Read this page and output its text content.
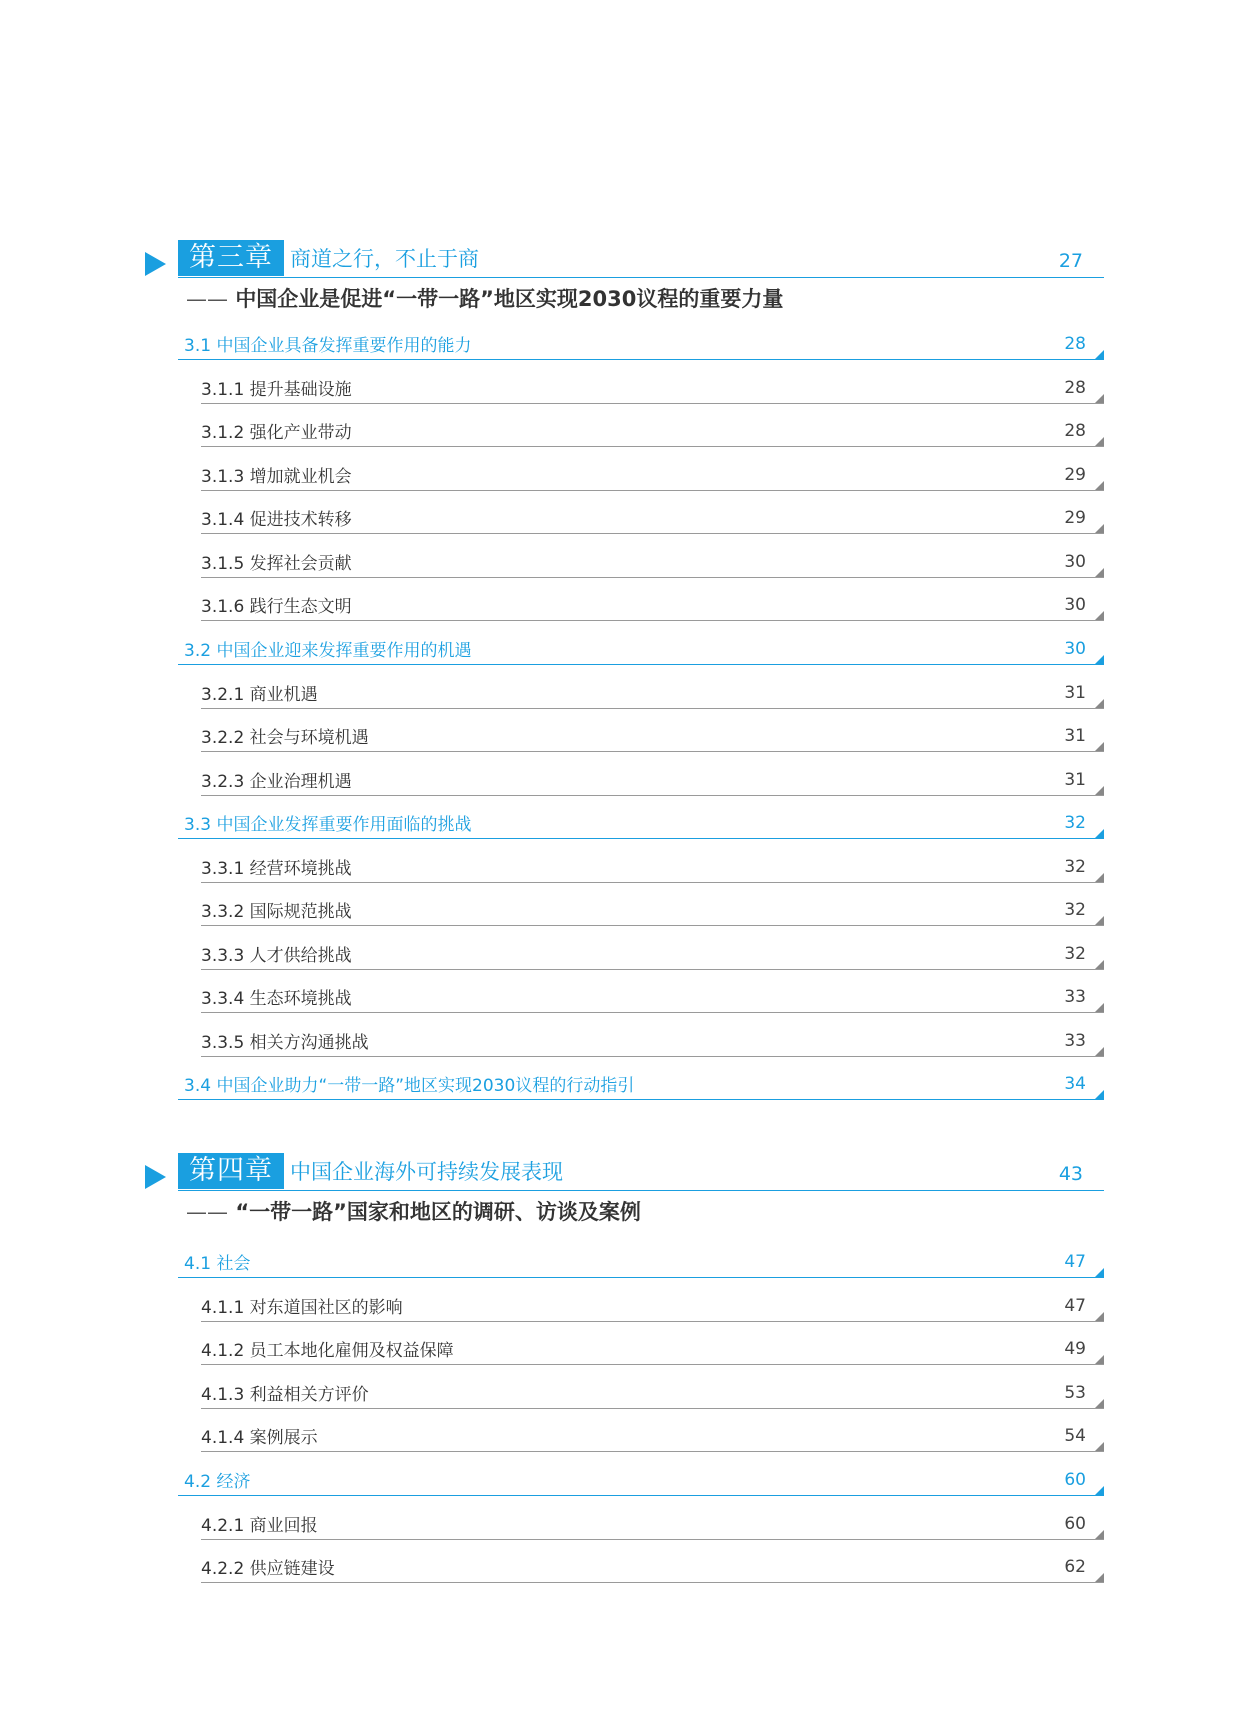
第三章 商道之行，不止于商	27
—— 中国企业是促进“一带一路”地区实现2030议程的重要力量
3.1 中国企业具备发挥重要作用的能力	28
3.1.1 提升基础设施	28
3.1.2 强化产业带动	28
3.1.3 增加就业机会	29
3.1.4 促进技术转移	29
3.1.5 发挥社会贡献	30
3.1.6 践行生态文明	30
3.2 中国企业迎来发挥重要作用的机遇	30
3.2.1 商业机遇	31
3.2.2 社会与环境机遇	31
3.2.3 企业治理机遇	31
3.3 中国企业发挥重要作用面临的挑战	32
3.3.1 经营环境挑战	32
3.3.2 国际规范挑战	32
3.3.3 人才供给挑战	32
3.3.4 生态环境挑战	33
3.3.5 相关方沟通挑战	33
3.4 中国企业助力“一带一路”地区实现2030议程的行动指引	34
第四章 中国企业海外可持续发展表现	43
—— “一带一路”国家和地区的调研、访谈及案例
4.1 社会	47
4.1.1 对东道国社区的影响	47
4.1.2 员工本地化雇佣及权益保障	49
4.1.3 利益相关方评价	53
4.1.4 案例展示	54
4.2 经济	60
4.2.1 商业回报	60
4.2.2 供应链建设	62
